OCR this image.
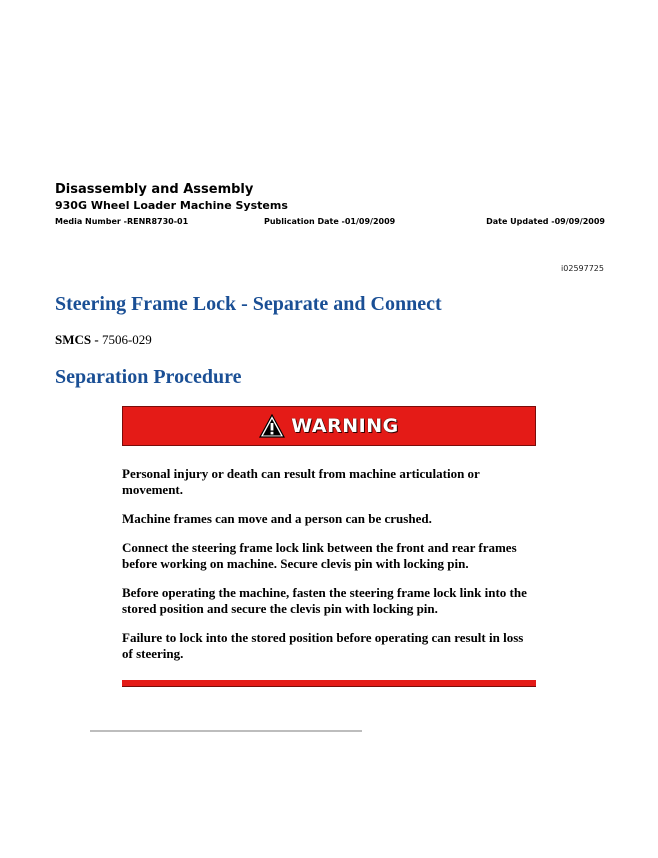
Disassembly and Assembly

930G Wheel Loader Machine Systems

Media Number -RENR8730-01	Publication Date -01/09/2009	Date Updated -09/09/2009
i02597725
Steering Frame Lock - Separate and Connect
SMCS - 7506-029
Separation Procedure
WARNING

Personal injury or death can result from machine articulation or movement.

Machine frames can move and a person can be crushed.

Connect the steering frame lock link between the front and rear frames before working on machine. Secure clevis pin with locking pin.

Before operating the machine, fasten the steering frame lock link into the stored position and secure the clevis pin with locking pin.

Failure to lock into the stored position before operating can result in loss of steering.
